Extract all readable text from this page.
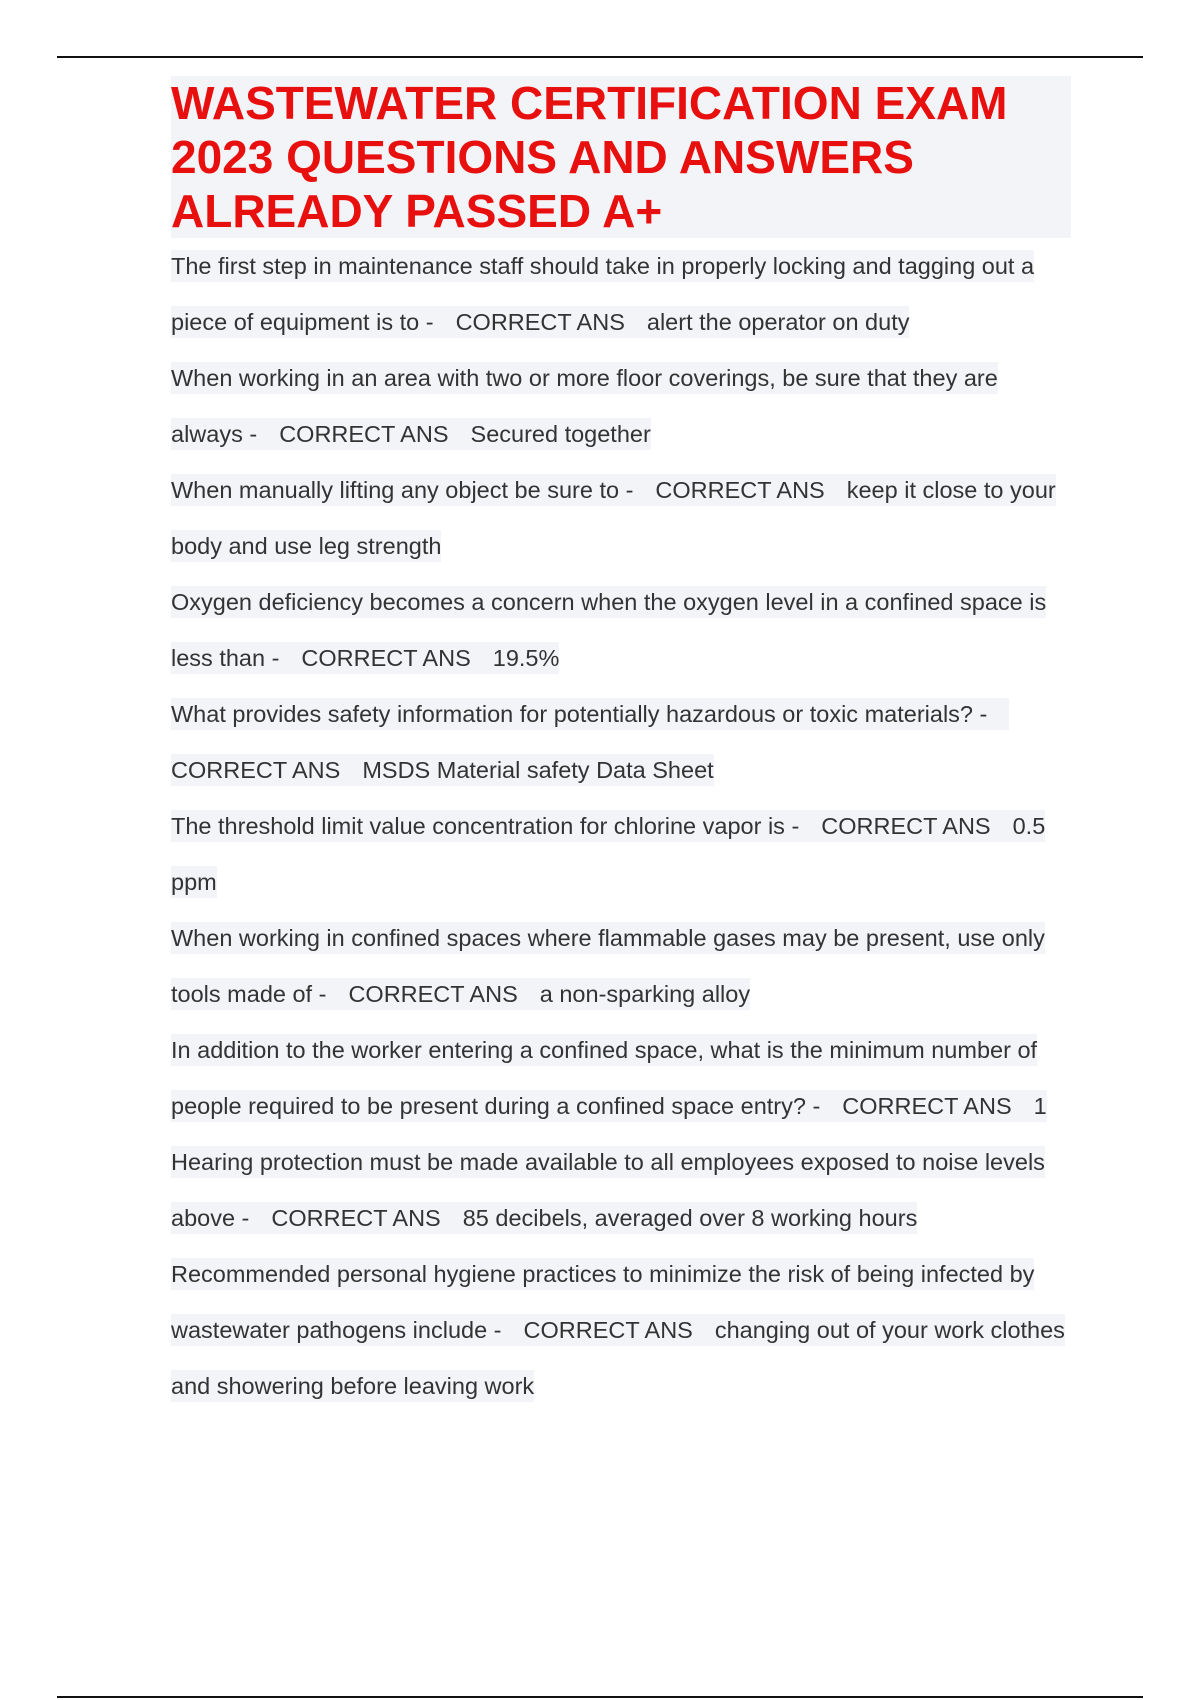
WASTEWATER CERTIFICATION EXAM 2023 QUESTIONS AND ANSWERS ALREADY PASSED A+
The first step in maintenance staff should take in properly locking and tagging out a piece of equipment is to - CORRECT ANS alert the operator on duty
When working in an area with two or more floor coverings, be sure that they are always - CORRECT ANS Secured together
When manually lifting any object be sure to - CORRECT ANS keep it close to your body and use leg strength
Oxygen deficiency becomes a concern when the oxygen level in a confined space is less than - CORRECT ANS 19.5%
What provides safety information for potentially hazardous or toxic materials? -CORRECT ANS MSDS Material safety Data Sheet
The threshold limit value concentration for chlorine vapor is - CORRECT ANS 0.5 ppm
When working in confined spaces where flammable gases may be present, use only tools made of - CORRECT ANS a non-sparking alloy
In addition to the worker entering a confined space, what is the minimum number of people required to be present during a confined space entry? - CORRECT ANS 1
Hearing protection must be made available to all employees exposed to noise levels above - CORRECT ANS 85 decibels, averaged over 8 working hours
Recommended personal hygiene practices to minimize the risk of being infected by wastewater pathogens include - CORRECT ANS changing out of your work clothes and showering before leaving work
